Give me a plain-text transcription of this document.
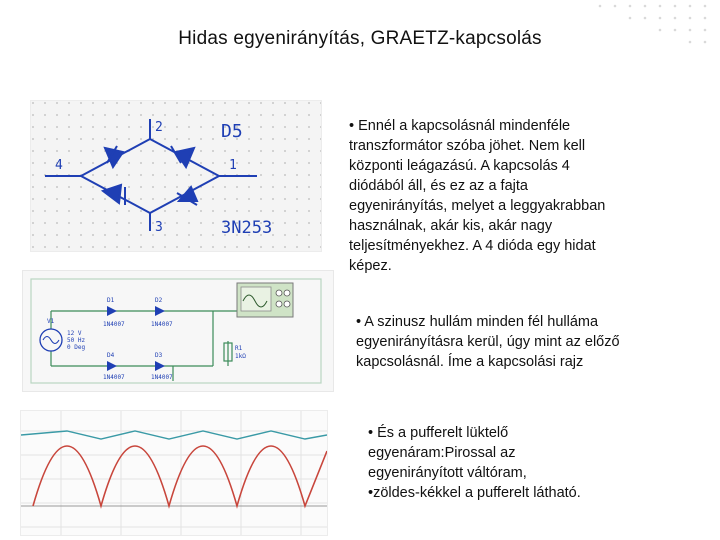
Hidas egyenirányítás, GRAETZ-kapcsolás
2
4	1
3
D5
3N253
V1
12 V
50 Hz
0 Deg
D1
1N4007
D2
1N4007
D4
1N4007
D3
1N4007
R1
1kΩ
• Ennél a kapcsolásnál mindenféle
transzformátor szóba jöhet. Nem kell
központi leágazású. A kapcsolás 4
diódából áll, és ez az a fajta
egyenirányítás, melyet a leggyakrabban
használnak, akár kis, akár nagy
teljesítményekhez. A 4 dióda egy hidat
képez.
• A szinusz hullám minden fél hulláma
egyenirányításra kerül, úgy mint az előző
kapcsolásnál. Íme a kapcsolási rajz
• És a pufferelt lüktelő
egyenáram:Pirossal az
egyenirányított váltóram,
•zöldes-kékkel a pufferelt látható.
